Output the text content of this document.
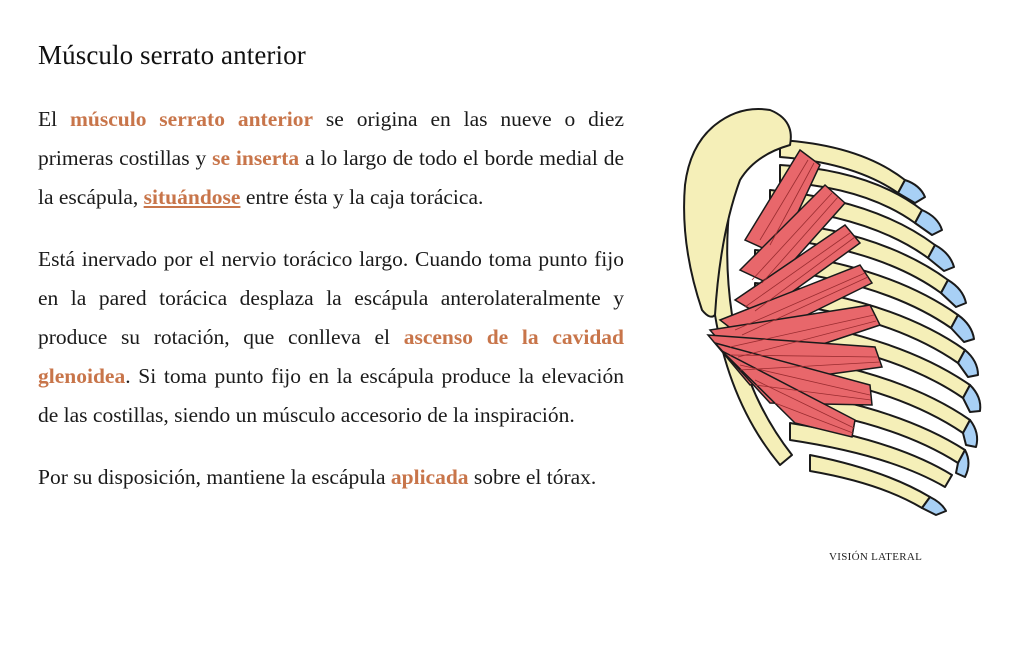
Músculo serrato anterior

El músculo serrato anterior se origina en las nueve o diez primeras costillas y se inserta a lo largo de todo el borde medial de la escápula, situándose entre ésta y la caja torácica.

Está inervado por el nervio torácico largo. Cuando toma punto fijo en la pared torácica desplaza la escápula anterolateralmente y produce su rotación, que conlleva el ascenso de la cavidad glenoidea. Si toma punto fijo en la escápula produce la elevación de las costillas, siendo un músculo accesorio de la inspiración.

Por su disposición, mantiene la escápula aplicada sobre el tórax.

VISIÓN LATERAL
